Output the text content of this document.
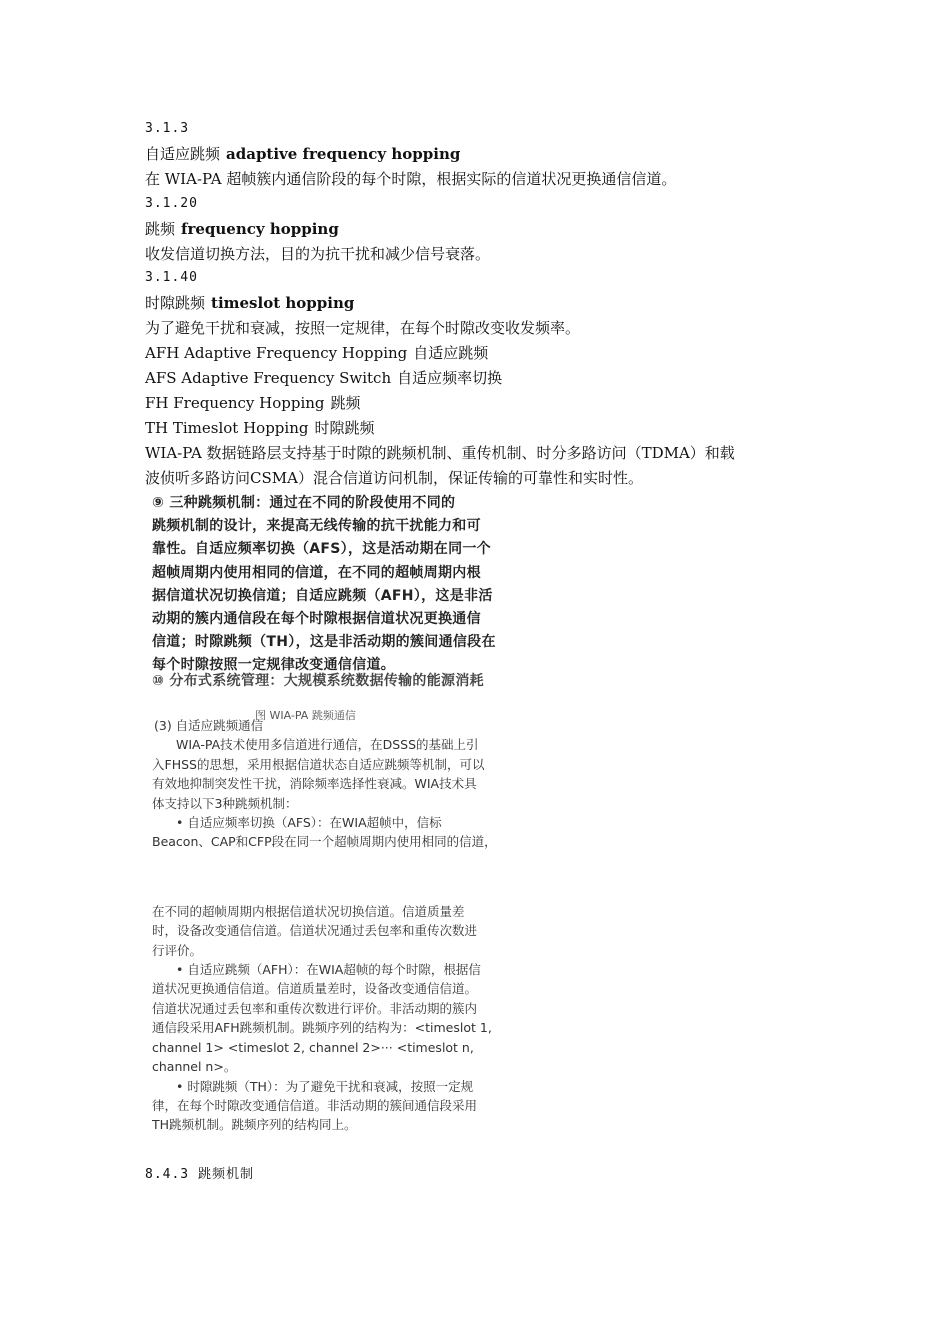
3.1.3
自适应跳频 adaptive frequency hopping
在 WIA-PA 超帧簇内通信阶段的每个时隙，根据实际的信道状况更换通信信道。
3.1.20
跳频 frequency hopping
收发信道切换方法，目的为抗干扰和减少信号衰落。
3.1.40
时隙跳频 timeslot hopping
为了避免干扰和衰减，按照一定规律，在每个时隙改变收发频率。
AFH Adaptive Frequency Hopping 自适应跳频
AFS Adaptive Frequency Switch 自适应频率切换
FH Frequency Hopping 跳频
TH Timeslot Hopping 时隙跳频
WIA-PA 数据链路层支持基于时隙的跳频机制、重传机制、时分多路访问（TDMA）和载
波侦听多路访问CSMA）混合信道访问机制，保证传输的可靠性和实时性。

⑨ 三种跳频机制：通过在不同的阶段使用不同的

跳频机制的设计，来提高无线传输的抗干扰能力和可

靠性。自适应频率切换（AFS），这是活动期在同一个

超帧周期内使用相同的信道，在不同的超帧周期内根

据信道状况切换信道；自适应跳频（AFH），这是非活

动期的簇内通信段在每个时隙根据信道状况更换通信

信道；时隙跳频（TH），这是非活动期的簇间通信段在

每个时隙按照一定规律改变通信信道。

⑩ 分布式系统管理：大规模系统数据传输的能源消耗
图 WIA-PA 跳频通信

(3) 自适应跳频通信

WIA-PA技术使用多信道进行通信，在DSSS的基础上引

入FHSS的思想，采用根据信道状态自适应跳频等机制，可以

有效地抑制突发性干扰，消除频率选择性衰减。WIA技术具

体支持以下3种跳频机制：

• 自适应频率切换（AFS）：在WIA超帧中，信标

Beacon、CAP和CFP段在同一个超帧周期内使用相同的信道，

在不同的超帧周期内根据信道状况切换信道。信道质量差

时，设备改变通信信道。信道状况通过丢包率和重传次数进

行评价。

• 自适应跳频（AFH）：在WIA超帧的每个时隙，根据信

道状况更换通信信道。信道质量差时，设备改变通信信道。

信道状况通过丢包率和重传次数进行评价。非活动期的簇内

通信段采用AFH跳频机制。跳频序列的结构为：<timeslot 1,

channel 1> <timeslot 2, channel 2>··· <timeslot n, channel n>。

• 时隙跳频（TH）：为了避免干扰和衰减，按照一定规

律，在每个时隙改变通信信道。非活动期的簇间通信段采用

TH跳频机制。跳频序列的结构同上。

8.4.3 跳频机制
